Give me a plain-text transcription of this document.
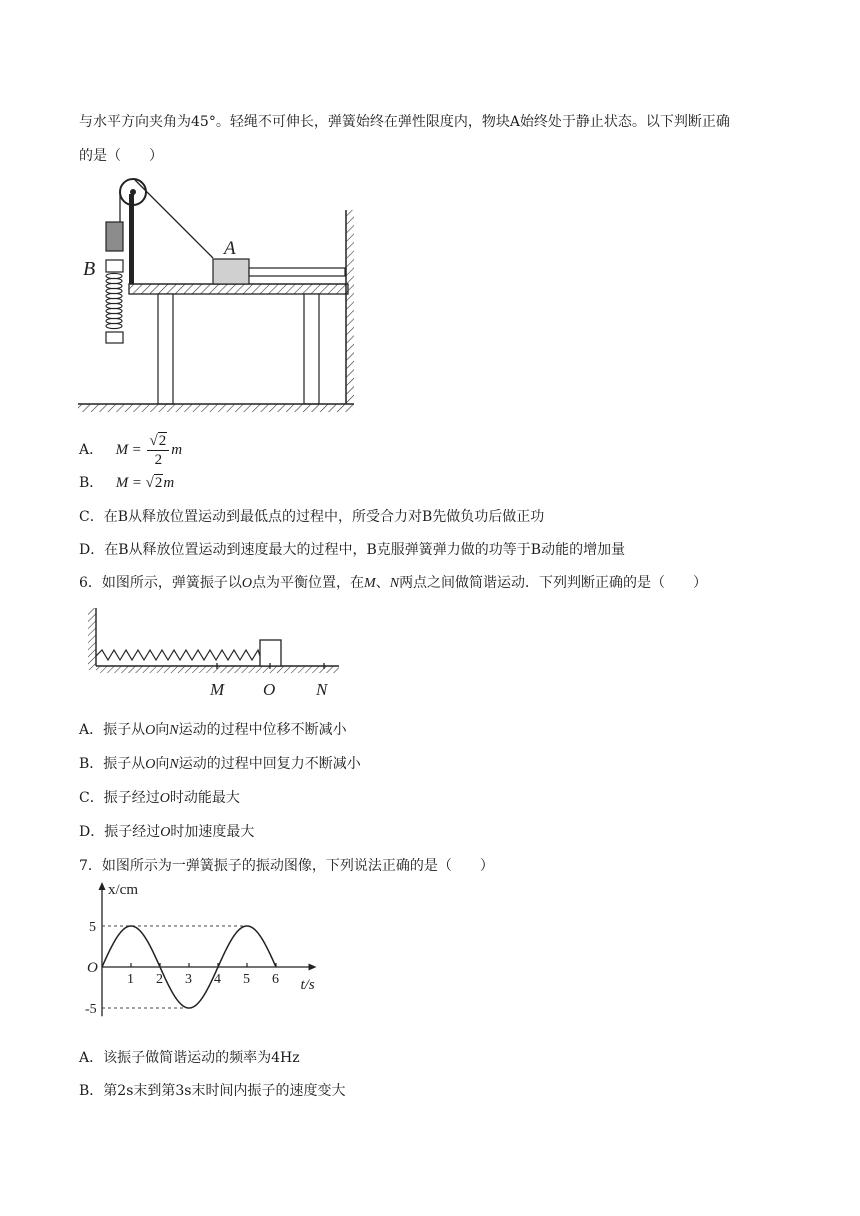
与水平方向夹角为45°。轻绳不可伸长，弹簧始终在弹性限度内，物块A始终处于静止状态。以下判断正确
的是（　　）
B
A
A． $M = \frac{√2}{2}$ m
B． M = √2m
C．在B从释放位置运动到最低点的过程中，所受合力对B先做负功后做正功
D．在B从释放位置运动到速度最大的过程中，B克服弹簧弹力做的功等于B动能的增加量
6．如图所示，弹簧振子以O点为平衡位置，在M、N两点之间做简谐运动．下列判断正确的是（　　）
M O N
A．振子从O向N运动的过程中位移不断减小
B．振子从O向N运动的过程中回复力不断减小
C．振子经过O时动能最大
D．振子经过O时加速度最大
7．如图所示为一弹簧振子的振动图像，下列说法正确的是（　　）
x/cm
t/s
O
1 2 3 4 5 6
5
-5
A．该振子做简谐运动的频率为4Hz
B．第2s末到第3s末时间内振子的速度变大
